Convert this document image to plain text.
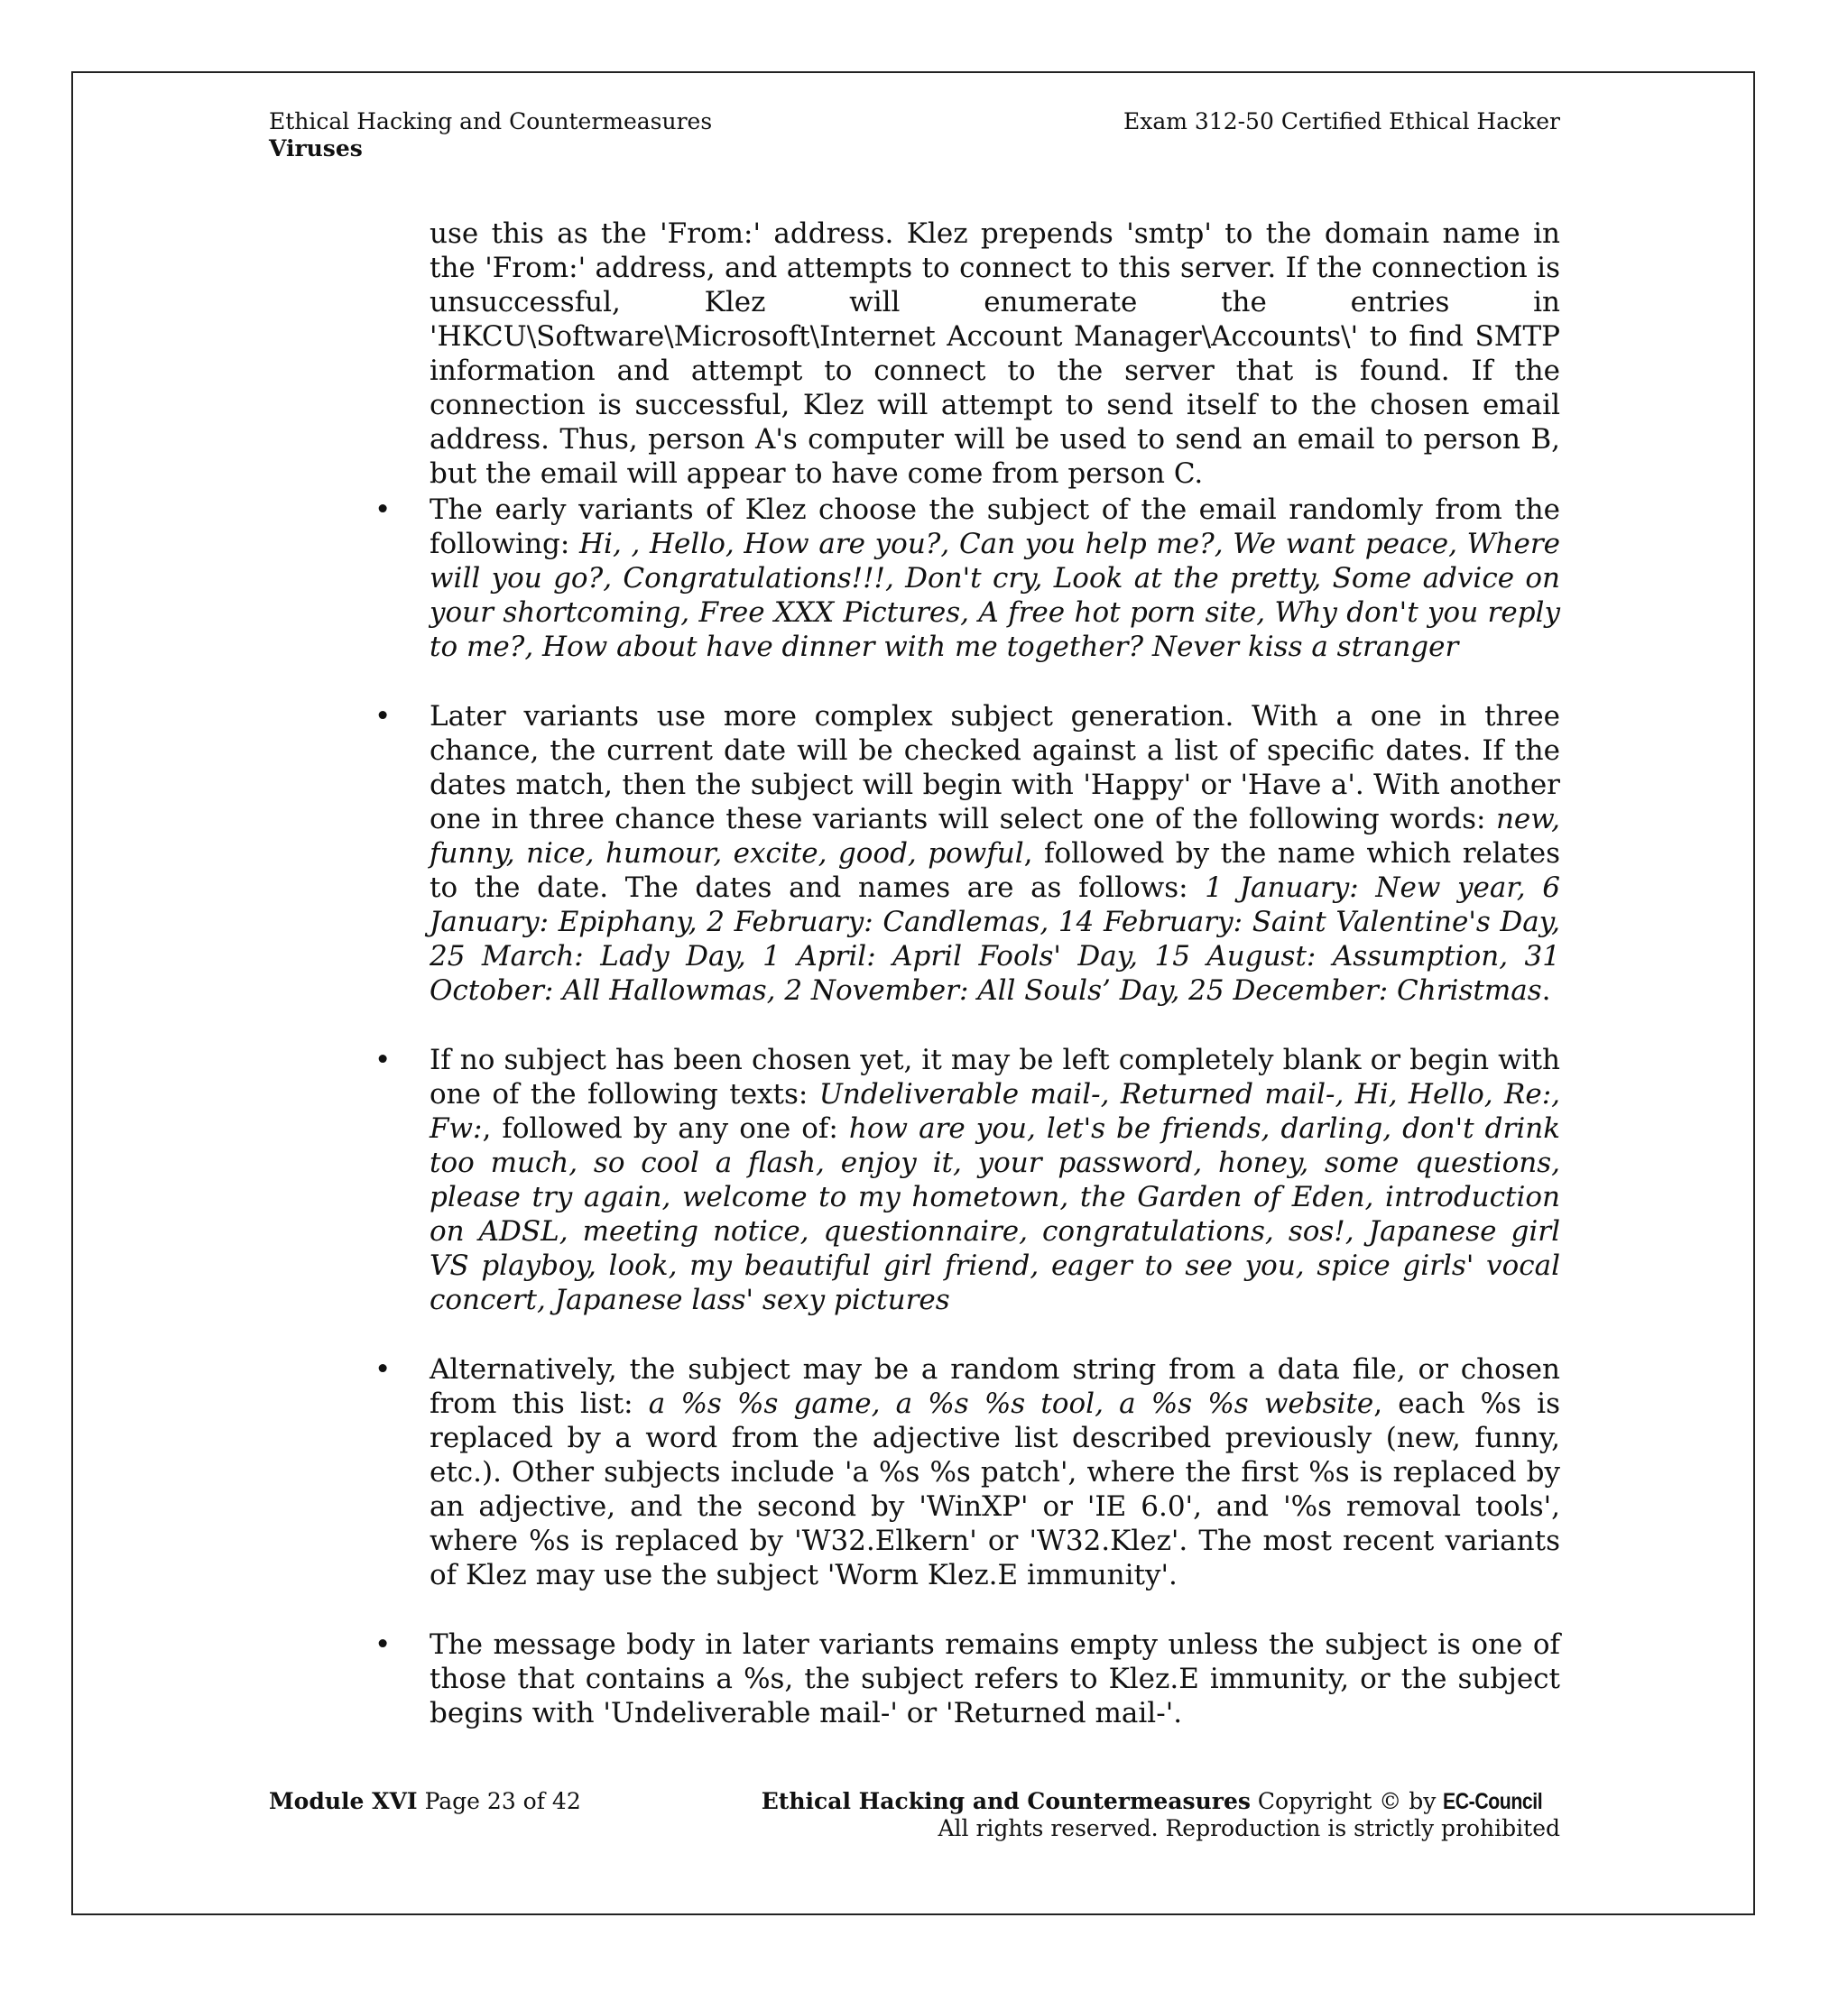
Ethical Hacking and Countermeasures
Viruses
Exam 312-50 Certified Ethical Hacker
use this as the 'From:' address. Klez prepends 'smtp' to the domain name in the 'From:' address, and attempts to connect to this server. If the connection is unsuccessful, Klez will enumerate the entries in 'HKCU\Software\Microsoft\Internet Account Manager\Accounts\' to find SMTP information and attempt to connect to the server that is found. If the connection is successful, Klez will attempt to send itself to the chosen email address. Thus, person A's computer will be used to send an email to person B, but the email will appear to have come from person C.
• The early variants of Klez choose the subject of the email randomly from the following: Hi, , Hello, How are you?, Can you help me?, We want peace, Where will you go?, Congratulations!!!, Don't cry, Look at the pretty, Some advice on your shortcoming, Free XXX Pictures, A free hot porn site, Why don't you reply to me?, How about have dinner with me together? Never kiss a stranger
• Later variants use more complex subject generation. With a one in three chance, the current date will be checked against a list of specific dates. If the dates match, then the subject will begin with 'Happy' or 'Have a'. With another one in three chance these variants will select one of the following words: new, funny, nice, humour, excite, good, powful, followed by the name which relates to the date. The dates and names are as follows: 1 January: New year, 6 January: Epiphany, 2 February: Candlemas, 14 February: Saint Valentine's Day, 25 March: Lady Day, 1 April: April Fools' Day, 15 August: Assumption, 31 October: All Hallowmas, 2 November: All Souls’ Day, 25 December: Christmas.
• If no subject has been chosen yet, it may be left completely blank or begin with one of the following texts: Undeliverable mail-, Returned mail-, Hi, Hello, Re:, Fw:, followed by any one of: how are you, let's be friends, darling, don't drink too much, so cool a flash, enjoy it, your password, honey, some questions, please try again, welcome to my hometown, the Garden of Eden, introduction on ADSL, meeting notice, questionnaire, congratulations, sos!, Japanese girl VS playboy, look, my beautiful girl friend, eager to see you, spice girls' vocal concert, Japanese lass' sexy pictures
• Alternatively, the subject may be a random string from a data file, or chosen from this list: a %s %s game, a %s %s tool, a %s %s website, each %s is replaced by a word from the adjective list described previously (new, funny, etc.). Other subjects include 'a %s %s patch', where the first %s is replaced by an adjective, and the second by 'WinXP' or 'IE 6.0', and '%s removal tools', where %s is replaced by 'W32.Elkern' or 'W32.Klez'. The most recent variants of Klez may use the subject 'Worm Klez.E immunity'.
• The message body in later variants remains empty unless the subject is one of those that contains a %s, the subject refers to Klez.E immunity, or the subject begins with 'Undeliverable mail-' or 'Returned mail-'.
Module XVI Page 23 of 42	Ethical Hacking and Countermeasures Copyright © by EC-Council
All rights reserved. Reproduction is strictly prohibited
